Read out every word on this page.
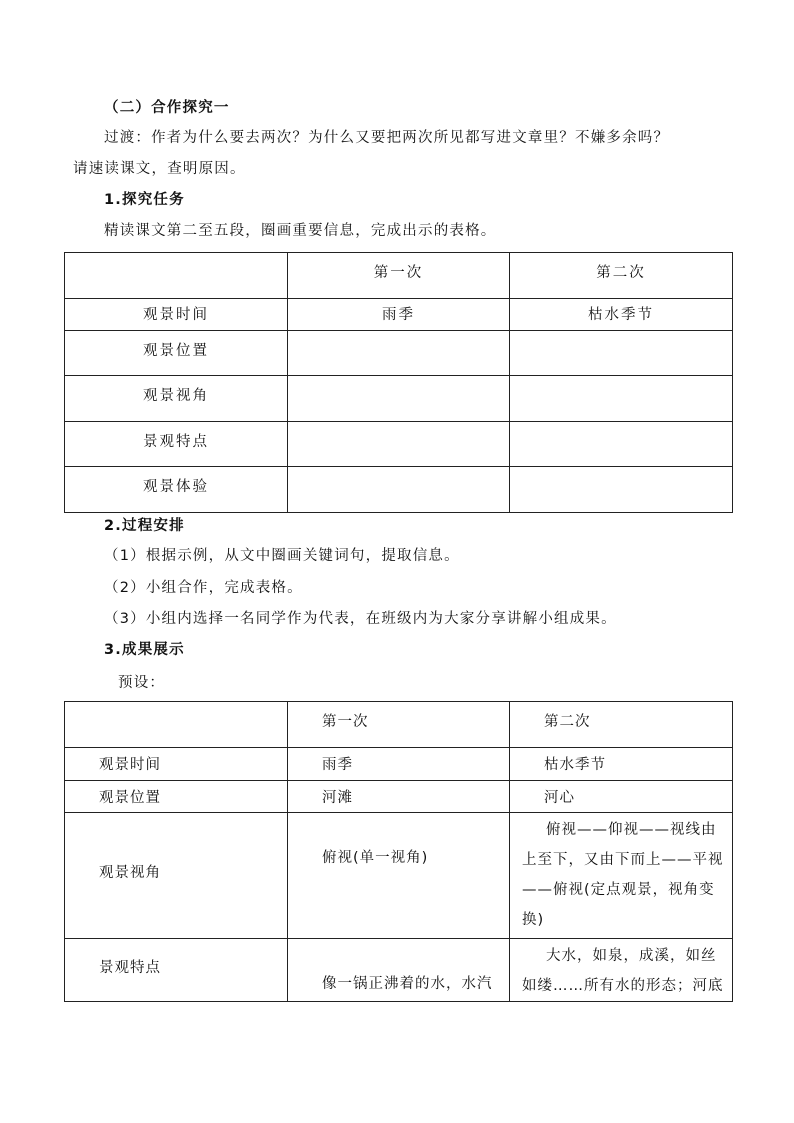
（二）合作探究一
过渡：作者为什么要去两次？为什么又要把两次所见都写进文章里？不嫌多余吗？
请速读课文，查明原因。
1.探究任务
精读课文第二至五段，圈画重要信息，完成出示的表格。
	第一次	第二次
观景时间	雨季	枯水季节
观景位置		
观景视角		
景观特点		
观景体验		
2.过程安排
（1）根据示例，从文中圈画关键词句，提取信息。
（2）小组合作，完成表格。
（3）小组内选择一名同学作为代表，在班级内为大家分享讲解小组成果。
3.成果展示
预设：
	第一次	第二次
观景时间	雨季	枯水季节
观景位置	河滩	河心
观景视角	俯视(单一视角)	俯视——仰视——视线由上至下，又由下而上——平视——俯视(定点观景，视角变换)

景观特点	像一锅正沸着的水，水汽	大水，如泉，成溪，如丝如缕……所有水的形态；河底
